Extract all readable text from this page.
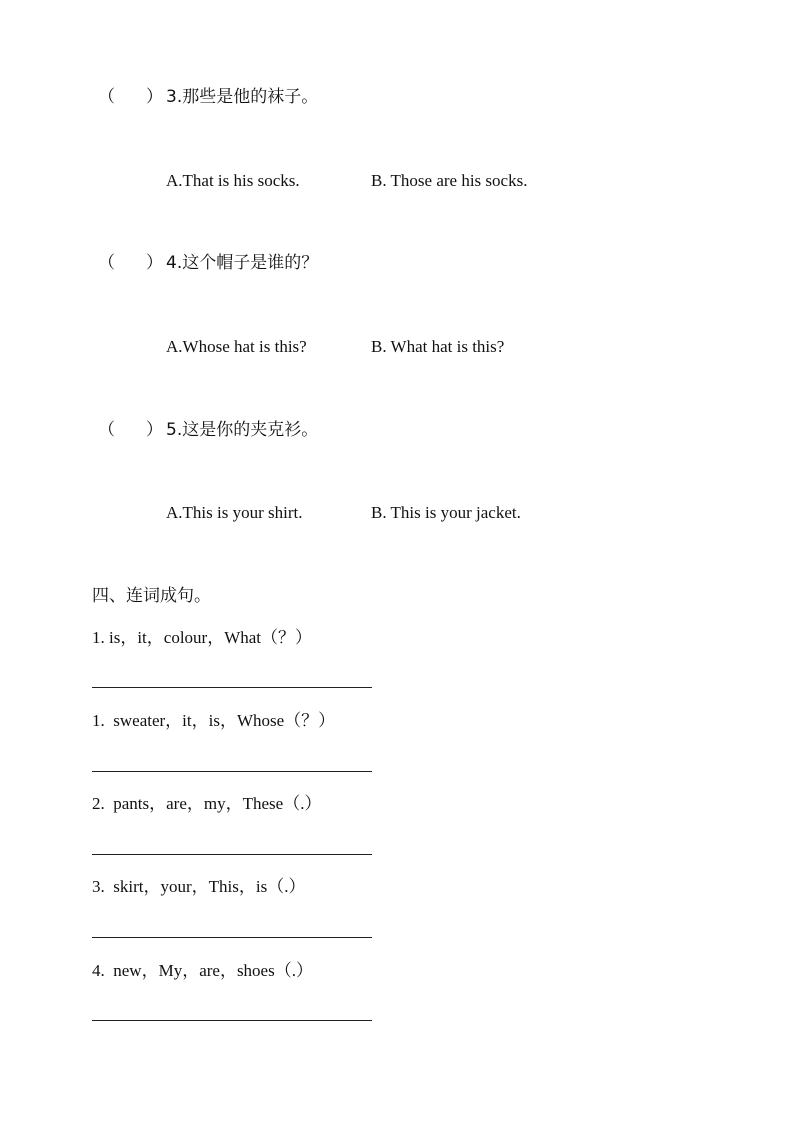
（ ） 3.那些是他的袜子。
A.That is his socks.	B. Those are his socks.
（ ） 4.这个帽子是谁的？
A.Whose hat is this?	B. What hat is this?
（ ） 5.这是你的夹克衫。
A.This is your shirt.	B. This is your jacket.
四、连词成句。
1. is，it，colour，What（？）
1.  sweater，it，is，Whose（？）
2.  pants，are，my，These（.）
3.  skirt，your，This，is（.）
4.  new，My，are，shoes（.）
